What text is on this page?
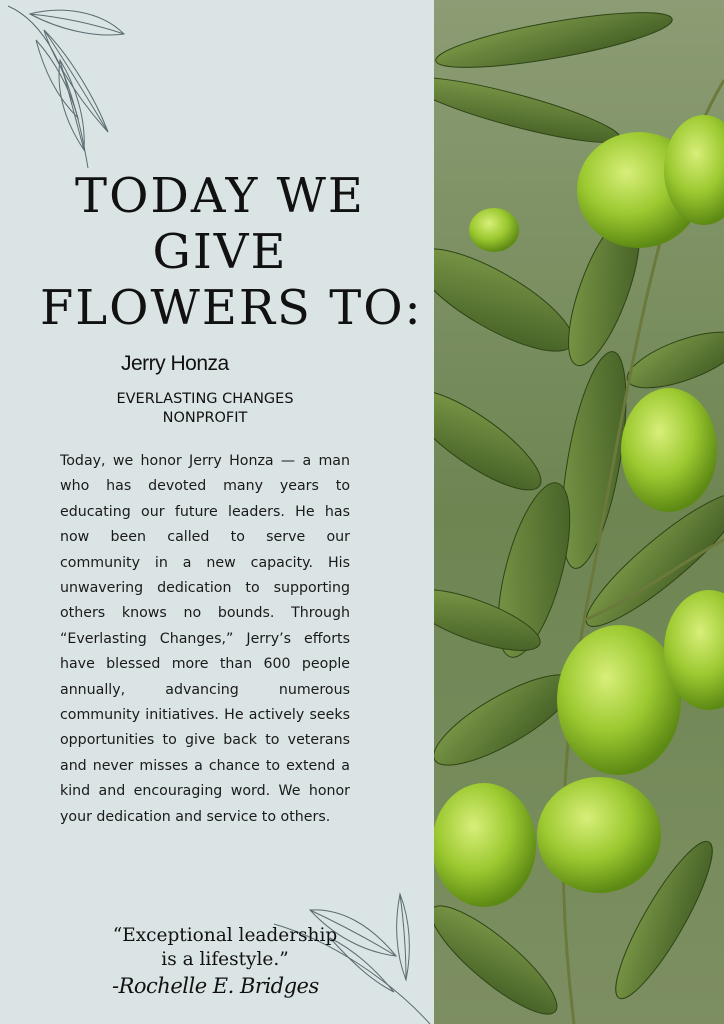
TODAY WE
GIVE
FLOWERS TO:
Jerry Honza
EVERLASTING CHANGES
NONPROFIT
Today, we honor Jerry Honza — a man who has devoted many years to educating our future leaders. He has now been called to serve our community in a new capacity. His unwavering dedication to supporting others knows no bounds. Through “Everlasting Changes,” Jerry’s efforts have blessed more than 600 people annually, advancing numerous community initiatives. He actively seeks opportunities to give back to veterans and never misses a chance to extend a kind and encouraging word. We honor your dedication and service to others.
“Exceptional leadership
is a lifestyle.”
-Rochelle E. Bridges
